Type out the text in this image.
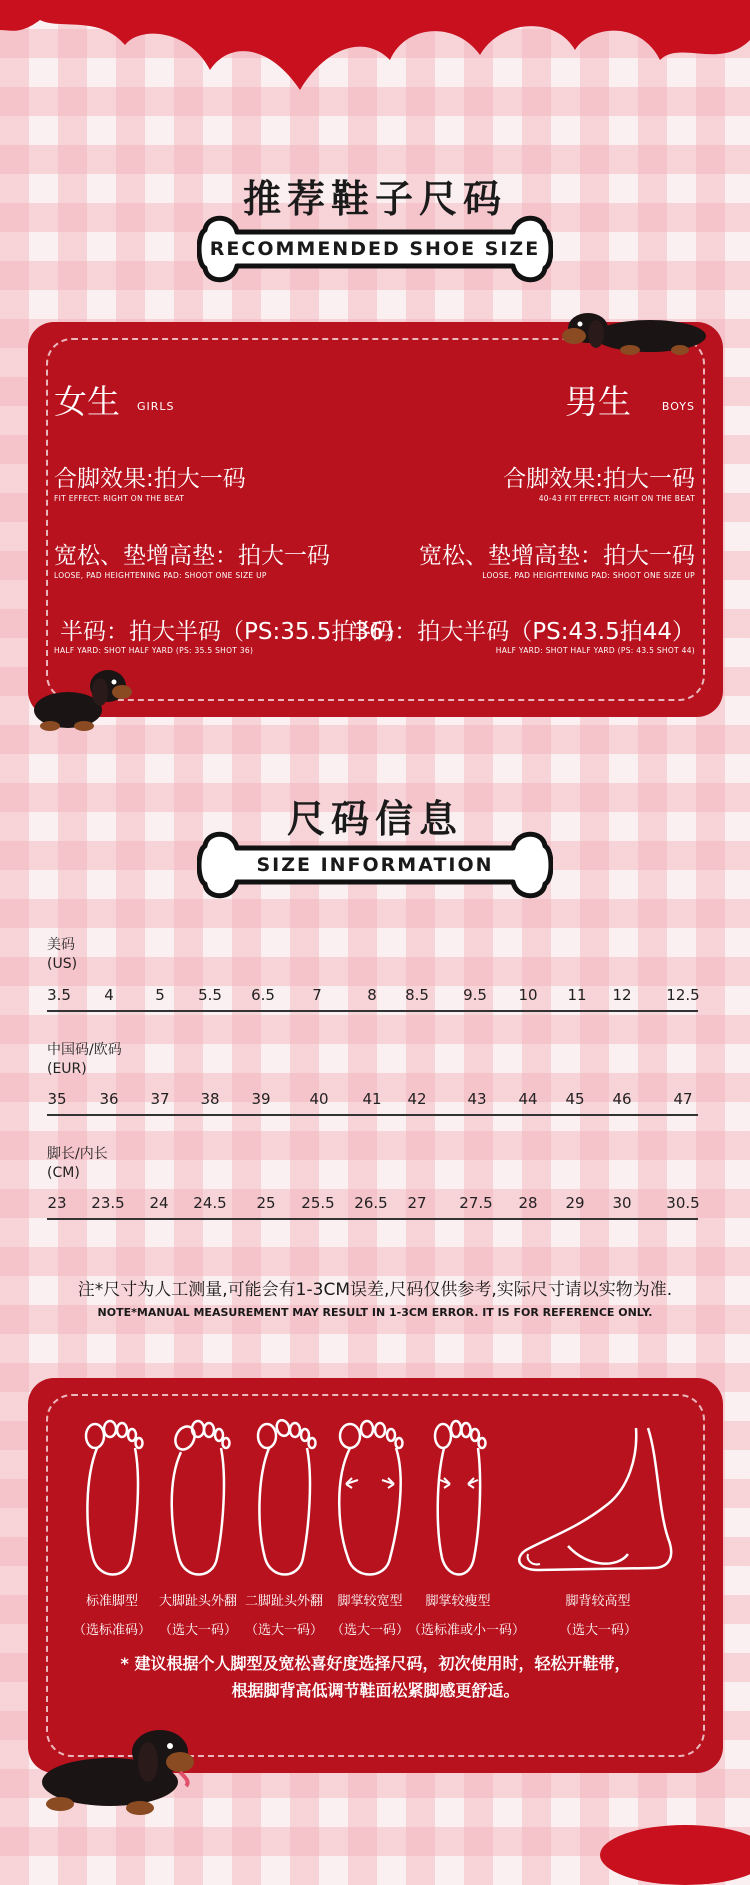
推荐鞋子尺码
RECOMMENDED SHOE SIZE
女生 GIRLS
合脚效果:拍大一码
FIT EFFECT: RIGHT ON THE BEAT
宽松、垫增高垫：拍大一码
LOOSE, PAD HEIGHTENING PAD: SHOOT ONE SIZE UP
半码：拍大半码（PS:35.5拍36）
HALF YARD: SHOT HALF YARD (PS: 35.5 SHOT 36)
男生	BOYS
合脚效果:拍大一码
40-43 FIT EFFECT: RIGHT ON THE BEAT
宽松、垫增高垫：拍大一码
LOOSE, PAD HEIGHTENING PAD: SHOOT ONE SIZE UP
半码：拍大半码（PS:43.5拍44）
HALF YARD: SHOT HALF YARD (PS: 43.5 SHOT 44)
尺码信息
SIZE INFORMATION
美码
(US)
3.5 4	5 5.5 6.5 7	8 8.5 9.5 10 11 12 12.5
中国码/欧码
(EUR)
35 36 37 38 39	40 41 42	43 44 45 46	47
脚长/内长
(CM)
23 23.5 24 24.5 25 25.5 26.5 27 27.5 28 29 30 30.5
注*尺寸为人工测量,可能会有1-3CM误差,尺码仅供参考,实际尺寸请以实物为准.
NOTE*MANUAL MEASUREMENT MAY RESULT IN 1-3CM ERROR. IT IS FOR REFERENCE ONLY.
标准脚型
（选标准码）
大脚趾头外翻
（选大一码）
二脚趾头外翻
（选大一码）
脚掌较宽型
（选大一码）
脚掌较瘦型
（选标准或小一码）
脚背较高型
（选大一码）
* 建议根据个人脚型及宽松喜好度选择尺码，初次使用时，轻松开鞋带，
根据脚背高低调节鞋面松紧脚感更舒适。
